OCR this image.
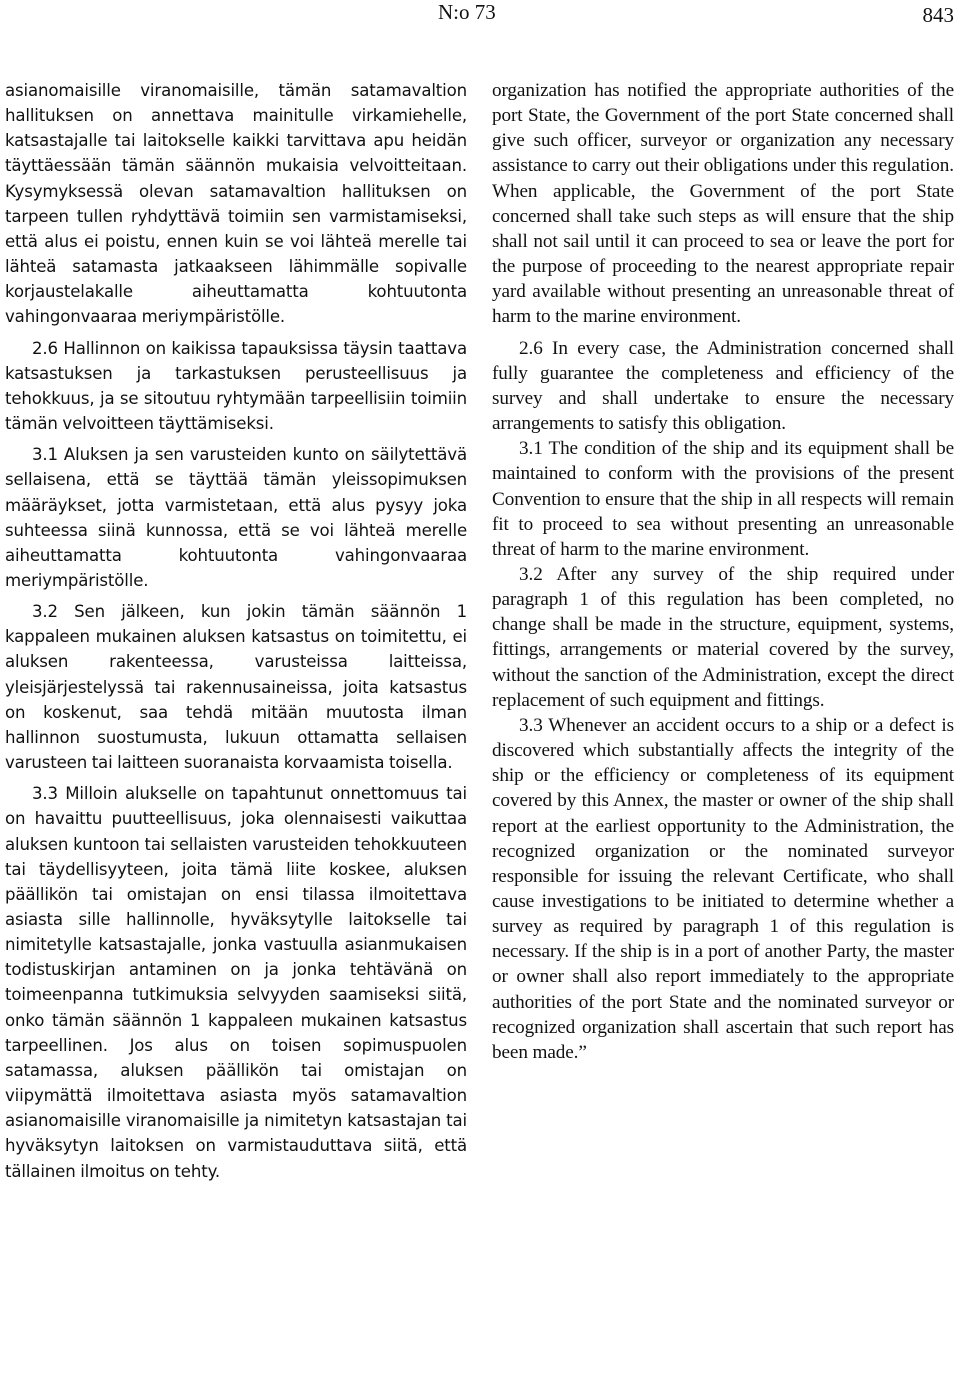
N:o 73	843

asianomaisille viranomaisille, tämän satamavaltion hallituksen on annettava mainitulle virkamiehelle, katsastajalle tai laitokselle kaikki tarvittava apu heidän täyttäessään tämän säännön mukaisia velvoitteitaan. Kysymyksessä olevan satamavaltion hallituksen on tarpeen tullen ryhdyttävä toimiin sen varmistamiseksi, että alus ei poistu, ennen kuin se voi lähteä merelle tai lähteä satamasta jatkaakseen lähimmälle sopivalle korjaustelakalle aiheuttamatta kohtuutonta vahingonvaaraa meriympäristölle.

2.6 Hallinnon on kaikissa tapauksissa täysin taattava katsastuksen ja tarkastuksen perusteellisuus ja tehokkuus, ja se sitoutuu ryhtymään tarpeellisiin toimiin tämän velvoitteen täyttämiseksi.

3.1 Aluksen ja sen varusteiden kunto on säilytettävä sellaisena, että se täyttää tämän yleissopimuksen määräykset, jotta varmistetaan, että alus pysyy joka suhteessa siinä kunnossa, että se voi lähteä merelle aiheuttamatta kohtuutonta vahingonvaaraa meriympäristölle.

3.2 Sen jälkeen, kun jokin tämän säännön 1 kappaleen mukainen aluksen katsastus on toimitettu, ei aluksen rakenteessa, varusteissa laitteissa, yleisjärjestelyssä tai rakennusaineissa, joita katsastus on koskenut, saa tehdä mitään muutosta ilman hallinnon suostumusta, lukuun ottamatta sellaisen varusteen tai laitteen suoranaista korvaamista toisella.

3.3 Milloin alukselle on tapahtunut onnettomuus tai on havaittu puutteellisuus, joka olennaisesti vaikuttaa aluksen kuntoon tai sellaisten varusteiden tehokkuuteen tai täydellisyyteen, joita tämä liite koskee, aluksen päällikön tai omistajan on ensi tilassa ilmoitettava asiasta sille hallinnolle, hyväksytylle laitokselle tai nimitetylle katsastajalle, jonka vastuulla asianmukaisen todistuskirjan antaminen on ja jonka tehtävänä on toimeenpanna tutkimuksia selvyyden saamiseksi siitä, onko tämän säännön 1 kappaleen mukainen katsastus tarpeellinen. Jos alus on toisen sopimuspuolen satamassa, aluksen päällikön tai omistajan on viipymättä ilmoitettava asiasta myös satamavaltion asianomaisille viranomaisille ja nimitetyn katsastajan tai hyväksytyn laitoksen on varmistauduttava siitä, että tällainen ilmoitus on tehty.

organization has notified the appropriate authorities of the port State, the Government of the port State concerned shall give such officer, surveyor or organization any necessary assistance to carry out their obligations under this regulation. When applicable, the Government of the port State concerned shall take such steps as will ensure that the ship shall not sail until it can proceed to sea or leave the port for the purpose of proceeding to the nearest appropriate repair yard available without presenting an unreasonable threat of harm to the marine environment.

2.6 In every case, the Administration concerned shall fully guarantee the completeness and efficiency of the survey and shall undertake to ensure the necessary arrangements to satisfy this obligation.

3.1 The condition of the ship and its equipment shall be maintained to conform with the provisions of the present Convention to ensure that the ship in all respects will remain fit to proceed to sea without presenting an unreasonable threat of harm to the marine environment.

3.2 After any survey of the ship required under paragraph 1 of this regulation has been completed, no change shall be made in the structure, equipment, systems, fittings, arrangements or material covered by the survey, without the sanction of the Administration, except the direct replacement of such equipment and fittings.

3.3 Whenever an accident occurs to a ship or a defect is discovered which substantially affects the integrity of the ship or the efficiency or completeness of its equipment covered by this Annex, the master or owner of the ship shall report at the earliest opportunity to the Administration, the recognized organization or the nominated surveyor responsible for issuing the relevant Certificate, who shall cause investigations to be initiated to determine whether a survey as required by paragraph 1 of this regulation is necessary. If the ship is in a port of another Party, the master or owner shall also report immediately to the appropriate authorities of the port State and the nominated surveyor or recognized organization shall ascertain that such report has been made.”
